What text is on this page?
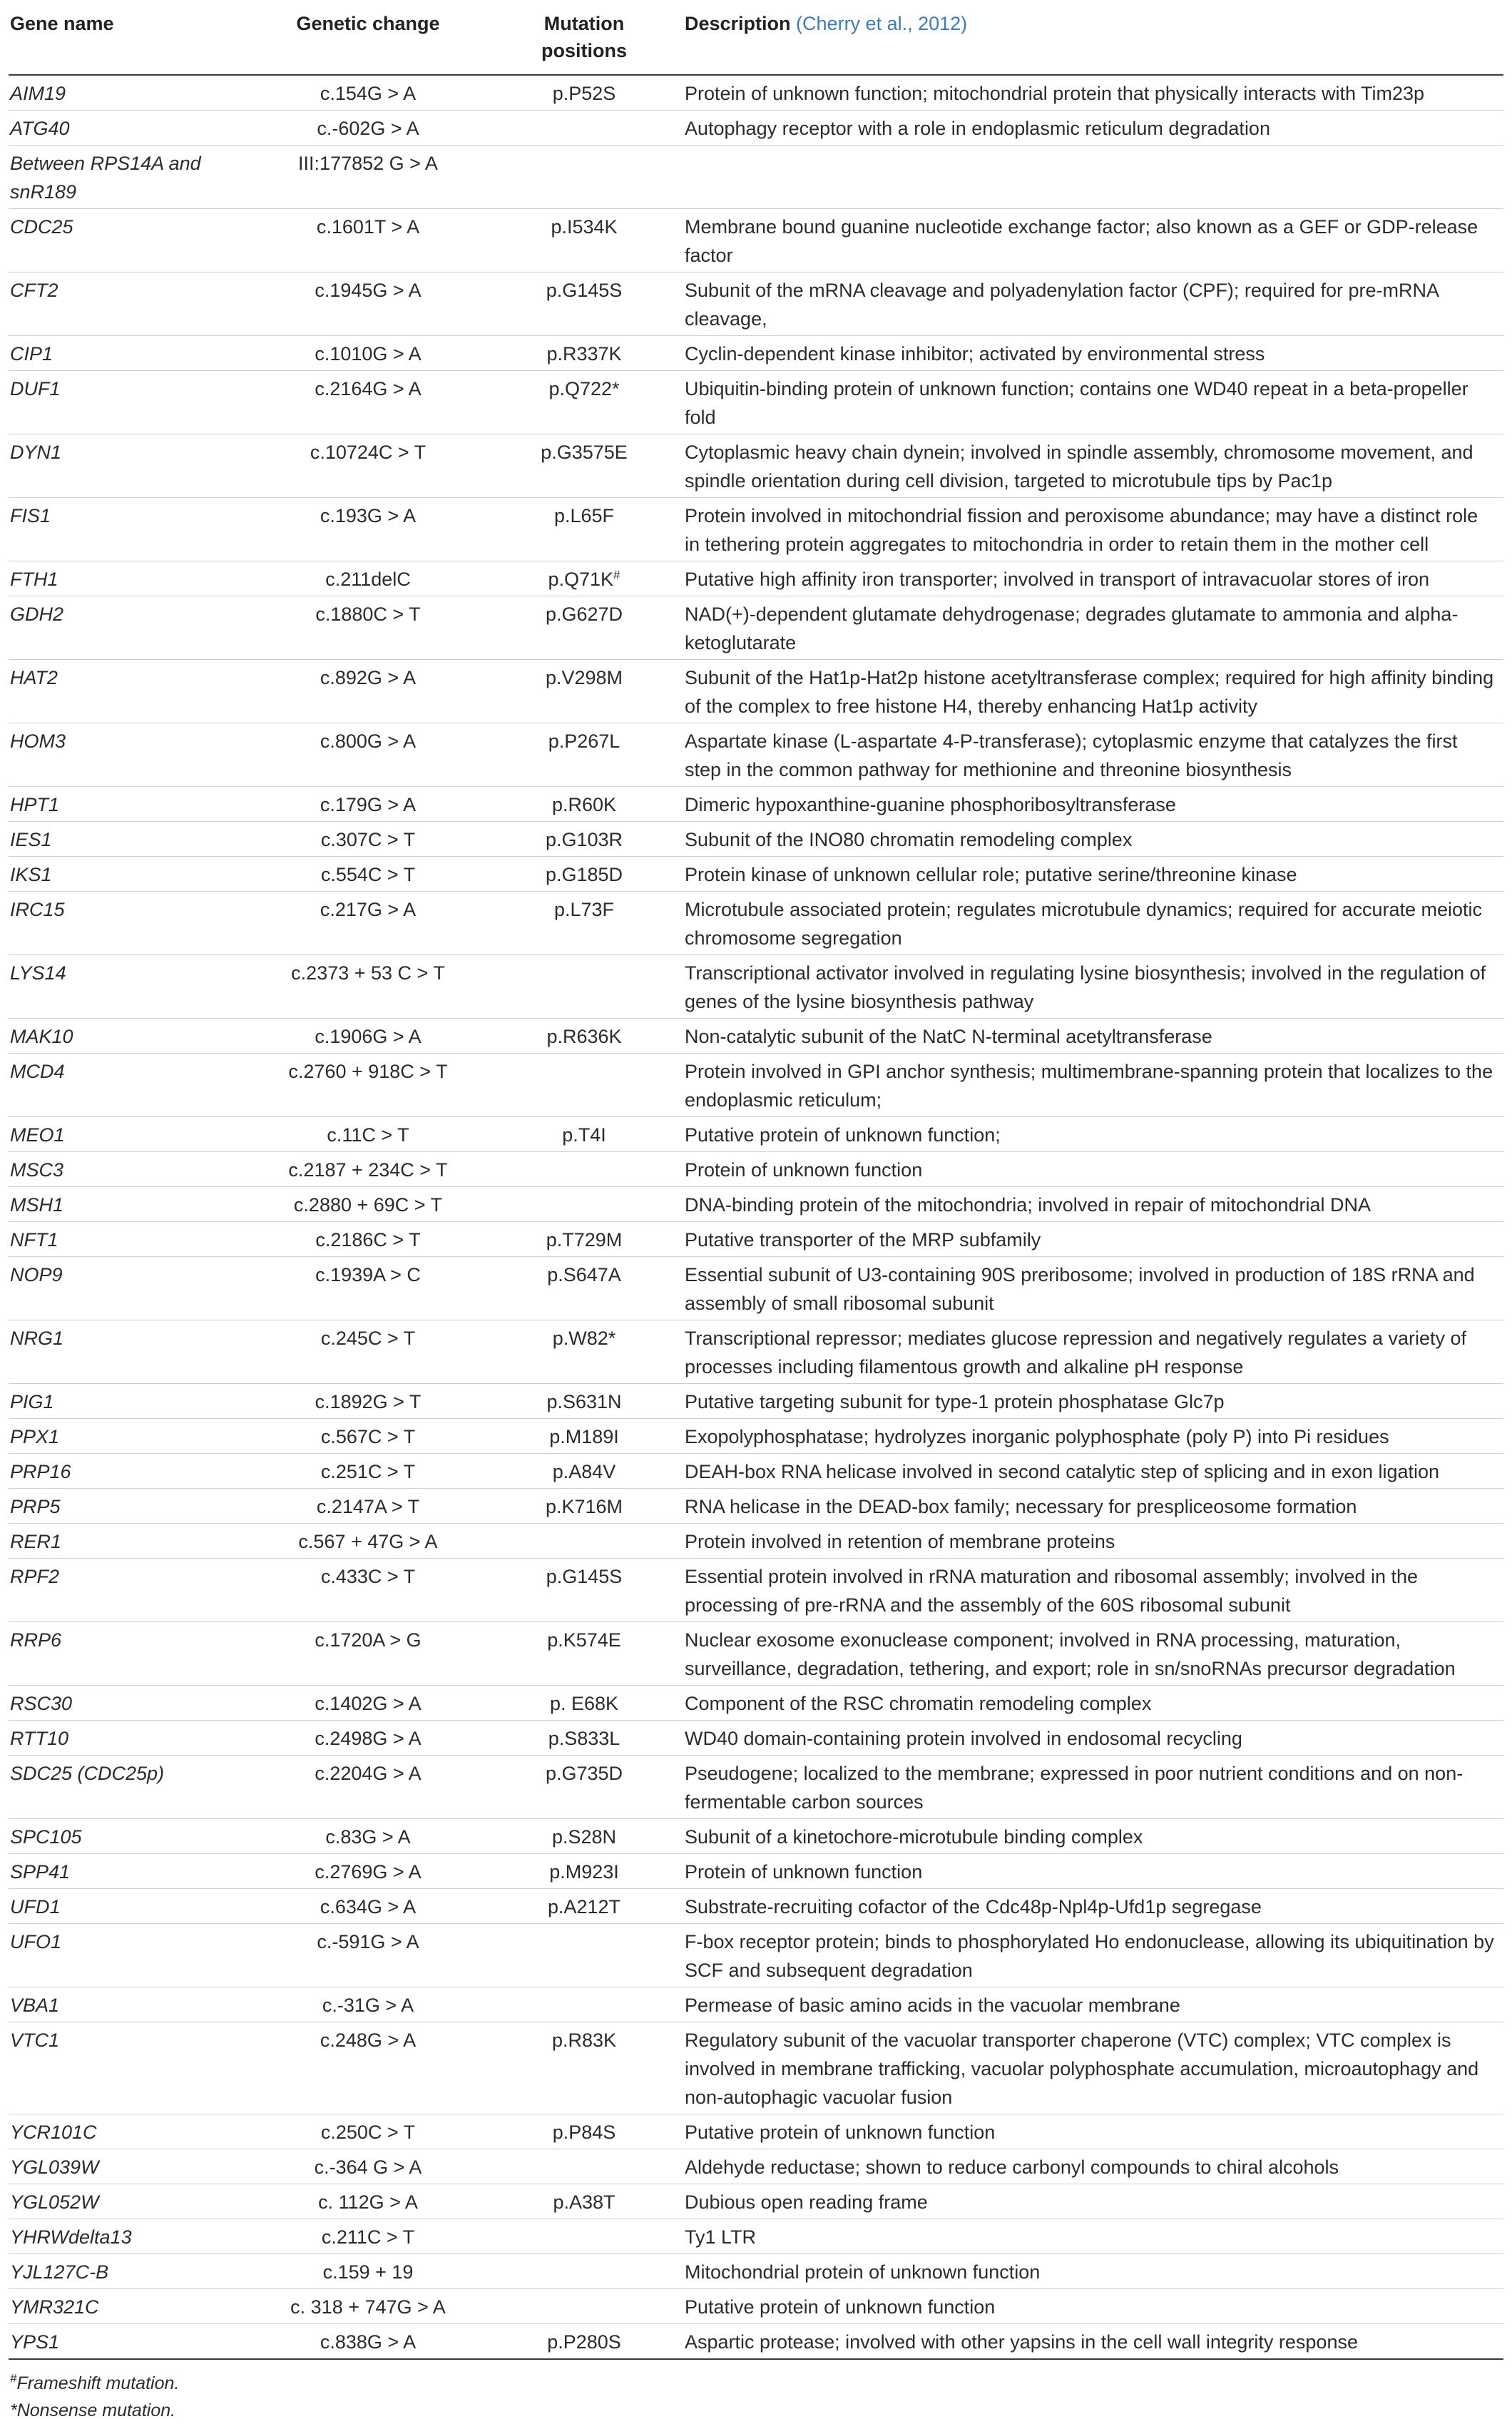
Gene name	Genetic change	Mutation positions	Description (Cherry et al., 2012)
AIM19	c.154G > A	p.P52S	Protein of unknown function; mitochondrial protein that physically interacts with Tim23p
ATG40	c.-602G > A		Autophagy receptor with a role in endoplasmic reticulum degradation
Between RPS14A and snR189	III:177852 G > A		
CDC25	c.1601T > A	p.I534K	Membrane bound guanine nucleotide exchange factor; also known as a GEF or GDP-release factor
CFT2	c.1945G > A	p.G145S	Subunit of the mRNA cleavage and polyadenylation factor (CPF); required for pre-mRNA cleavage,
CIP1	c.1010G > A	p.R337K	Cyclin-dependent kinase inhibitor; activated by environmental stress
DUF1	c.2164G > A	p.Q722*	Ubiquitin-binding protein of unknown function; contains one WD40 repeat in a beta-propeller fold
DYN1	c.10724C > T	p.G3575E	Cytoplasmic heavy chain dynein; involved in spindle assembly, chromosome movement, and spindle orientation during cell division, targeted to microtubule tips by Pac1p
FIS1	c.193G > A	p.L65F	Protein involved in mitochondrial fission and peroxisome abundance; may have a distinct role in tethering protein aggregates to mitochondria in order to retain them in the mother cell
FTH1	c.211delC	p.Q71K#	Putative high affinity iron transporter; involved in transport of intravacuolar stores of iron
GDH2	c.1880C > T	p.G627D	NAD(+)-dependent glutamate dehydrogenase; degrades glutamate to ammonia and alpha-ketoglutarate
HAT2	c.892G > A	p.V298M	Subunit of the Hat1p-Hat2p histone acetyltransferase complex; required for high affinity binding of the complex to free histone H4, thereby enhancing Hat1p activity
HOM3	c.800G > A	p.P267L	Aspartate kinase (L-aspartate 4-P-transferase); cytoplasmic enzyme that catalyzes the first step in the common pathway for methionine and threonine biosynthesis
HPT1	c.179G > A	p.R60K	Dimeric hypoxanthine-guanine phosphoribosyltransferase
IES1	c.307C > T	p.G103R	Subunit of the INO80 chromatin remodeling complex
IKS1	c.554C > T	p.G185D	Protein kinase of unknown cellular role; putative serine/threonine kinase
IRC15	c.217G > A	p.L73F	Microtubule associated protein; regulates microtubule dynamics; required for accurate meiotic chromosome segregation
LYS14	c.2373 + 53 C > T		Transcriptional activator involved in regulating lysine biosynthesis; involved in the regulation of genes of the lysine biosynthesis pathway
MAK10	c.1906G > A	p.R636K	Non-catalytic subunit of the NatC N-terminal acetyltransferase
MCD4	c.2760 + 918C > T		Protein involved in GPI anchor synthesis; multimembrane-spanning protein that localizes to the endoplasmic reticulum;
MEO1	c.11C > T	p.T4I	Putative protein of unknown function;
MSC3	c.2187 + 234C > T		Protein of unknown function
MSH1	c.2880 + 69C > T		DNA-binding protein of the mitochondria; involved in repair of mitochondrial DNA
NFT1	c.2186C > T	p.T729M	Putative transporter of the MRP subfamily
NOP9	c.1939A > C	p.S647A	Essential subunit of U3-containing 90S preribosome; involved in production of 18S rRNA and assembly of small ribosomal subunit
NRG1	c.245C > T	p.W82*	Transcriptional repressor; mediates glucose repression and negatively regulates a variety of processes including filamentous growth and alkaline pH response
PIG1	c.1892G > T	p.S631N	Putative targeting subunit for type-1 protein phosphatase Glc7p
PPX1	c.567C > T	p.M189I	Exopolyphosphatase; hydrolyzes inorganic polyphosphate (poly P) into Pi residues
PRP16	c.251C > T	p.A84V	DEAH-box RNA helicase involved in second catalytic step of splicing and in exon ligation
PRP5	c.2147A > T	p.K716M	RNA helicase in the DEAD-box family; necessary for prespliceosome formation
RER1	c.567 + 47G > A		Protein involved in retention of membrane proteins
RPF2	c.433C > T	p.G145S	Essential protein involved in rRNA maturation and ribosomal assembly; involved in the processing of pre-rRNA and the assembly of the 60S ribosomal subunit
RRP6	c.1720A > G	p.K574E	Nuclear exosome exonuclease component; involved in RNA processing, maturation, surveillance, degradation, tethering, and export; role in sn/snoRNAs precursor degradation
RSC30	c.1402G > A	p. E68K	Component of the RSC chromatin remodeling complex
RTT10	c.2498G > A	p.S833L	WD40 domain-containing protein involved in endosomal recycling
SDC25 (CDC25p)	c.2204G > A	p.G735D	Pseudogene; localized to the membrane; expressed in poor nutrient conditions and on non-fermentable carbon sources
SPC105	c.83G > A	p.S28N	Subunit of a kinetochore-microtubule binding complex
SPP41	c.2769G > A	p.M923I	Protein of unknown function
UFD1	c.634G > A	p.A212T	Substrate-recruiting cofactor of the Cdc48p-Npl4p-Ufd1p segregase
UFO1	c.-591G > A		F-box receptor protein; binds to phosphorylated Ho endonuclease, allowing its ubiquitination by SCF and subsequent degradation
VBA1	c.-31G > A		Permease of basic amino acids in the vacuolar membrane
VTC1	c.248G > A	p.R83K	Regulatory subunit of the vacuolar transporter chaperone (VTC) complex; VTC complex is involved in membrane trafficking, vacuolar polyphosphate accumulation, microautophagy and non-autophagic vacuolar fusion
YCR101C	c.250C > T	p.P84S	Putative protein of unknown function
YGL039W	c.-364 G > A		Aldehyde reductase; shown to reduce carbonyl compounds to chiral alcohols
YGL052W	c. 112G > A	p.A38T	Dubious open reading frame
YHRWdelta13	c.211C > T		Ty1 LTR
YJL127C-B	c.159 + 19		Mitochondrial protein of unknown function
YMR321C	c. 318 + 747G > A		Putative protein of unknown function
YPS1	c.838G > A	p.P280S	Aspartic protease; involved with other yapsins in the cell wall integrity response
#Frameshift mutation.
*Nonsense mutation.
